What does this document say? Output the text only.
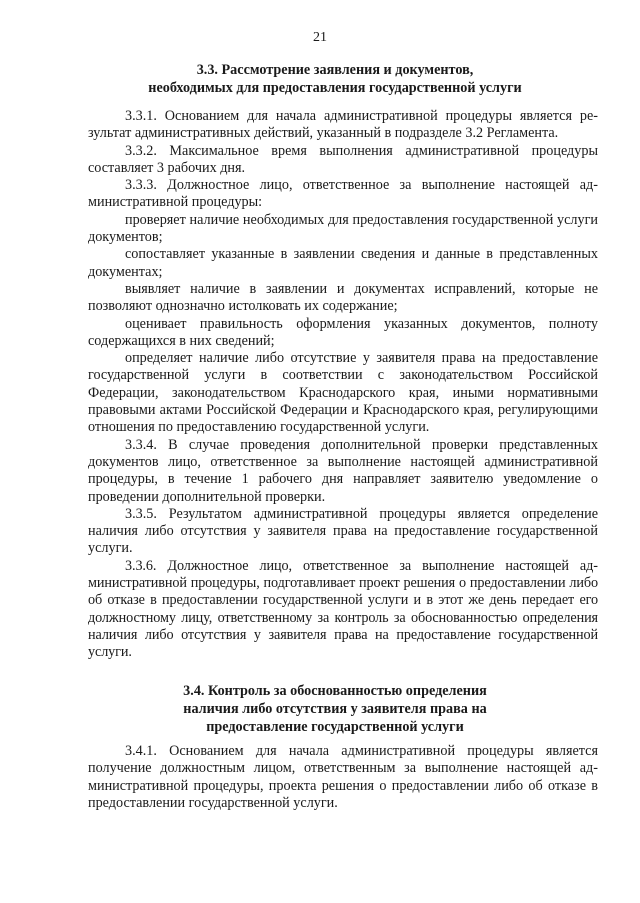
21
3.3. Рассмотрение заявления и документов,
необходимых для предоставления государственной услуги

3.3.1. Основанием для начала административной процедуры является результат административных действий, указанный в подразделе 3.2 Регламента.

3.3.2. Максимальное время выполнения административной процедуры составляет 3 рабочих дня.

3.3.3. Должностное лицо, ответственное за выполнение настоящей административной процедуры:

проверяет наличие необходимых для предоставления государственной услуги документов;

сопоставляет указанные в заявлении сведения и данные в представленных документах;

выявляет наличие в заявлении и документах исправлений, которые не позволяют однозначно истолковать их содержание;

оценивает правильность оформления указанных документов, полноту содержащихся в них сведений;

определяет наличие либо отсутствие у заявителя права на предоставление государственной услуги в соответствии с законодательством Российской Федерации, законодательством Краснодарского края, иными нормативными правовыми актами Российской Федерации и Краснодарского края, регулирующими отношения по предоставлению государственной услуги.

3.3.4. В случае проведения дополнительной проверки представленных документов лицо, ответственное за выполнение настоящей административной процедуры, в течение 1 рабочего дня направляет заявителю уведомление о проведении дополнительной проверки.

3.3.5. Результатом административной процедуры является определение наличия либо отсутствия у заявителя права на предоставление государственной услуги.

3.3.6. Должностное лицо, ответственное за выполнение настоящей административной процедуры, подготавливает проект решения о предоставлении либо об отказе в предоставлении государственной услуги и в этот же день передает его должностному лицу, ответственному за контроль за обоснованностью определения наличия либо отсутствия у заявителя права на предоставление государственной услуги.

3.4. Контроль за обоснованностью определения
наличия либо отсутствия у заявителя права на
предоставление государственной услуги

3.4.1. Основанием для начала административной процедуры является получение должностным лицом, ответственным за выполнение настоящей административной процедуры, проекта решения о предоставлении либо об отказе в предоставлении государственной услуги.
